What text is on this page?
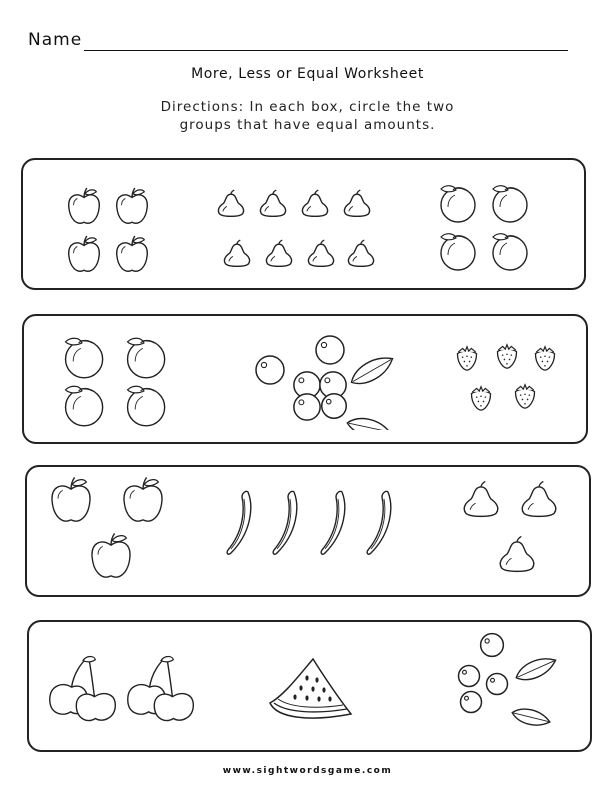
Name
More, Less or Equal Worksheet
Directions: In each box, circle the two
groups that have equal amounts.
www.sightwordsgame.com
